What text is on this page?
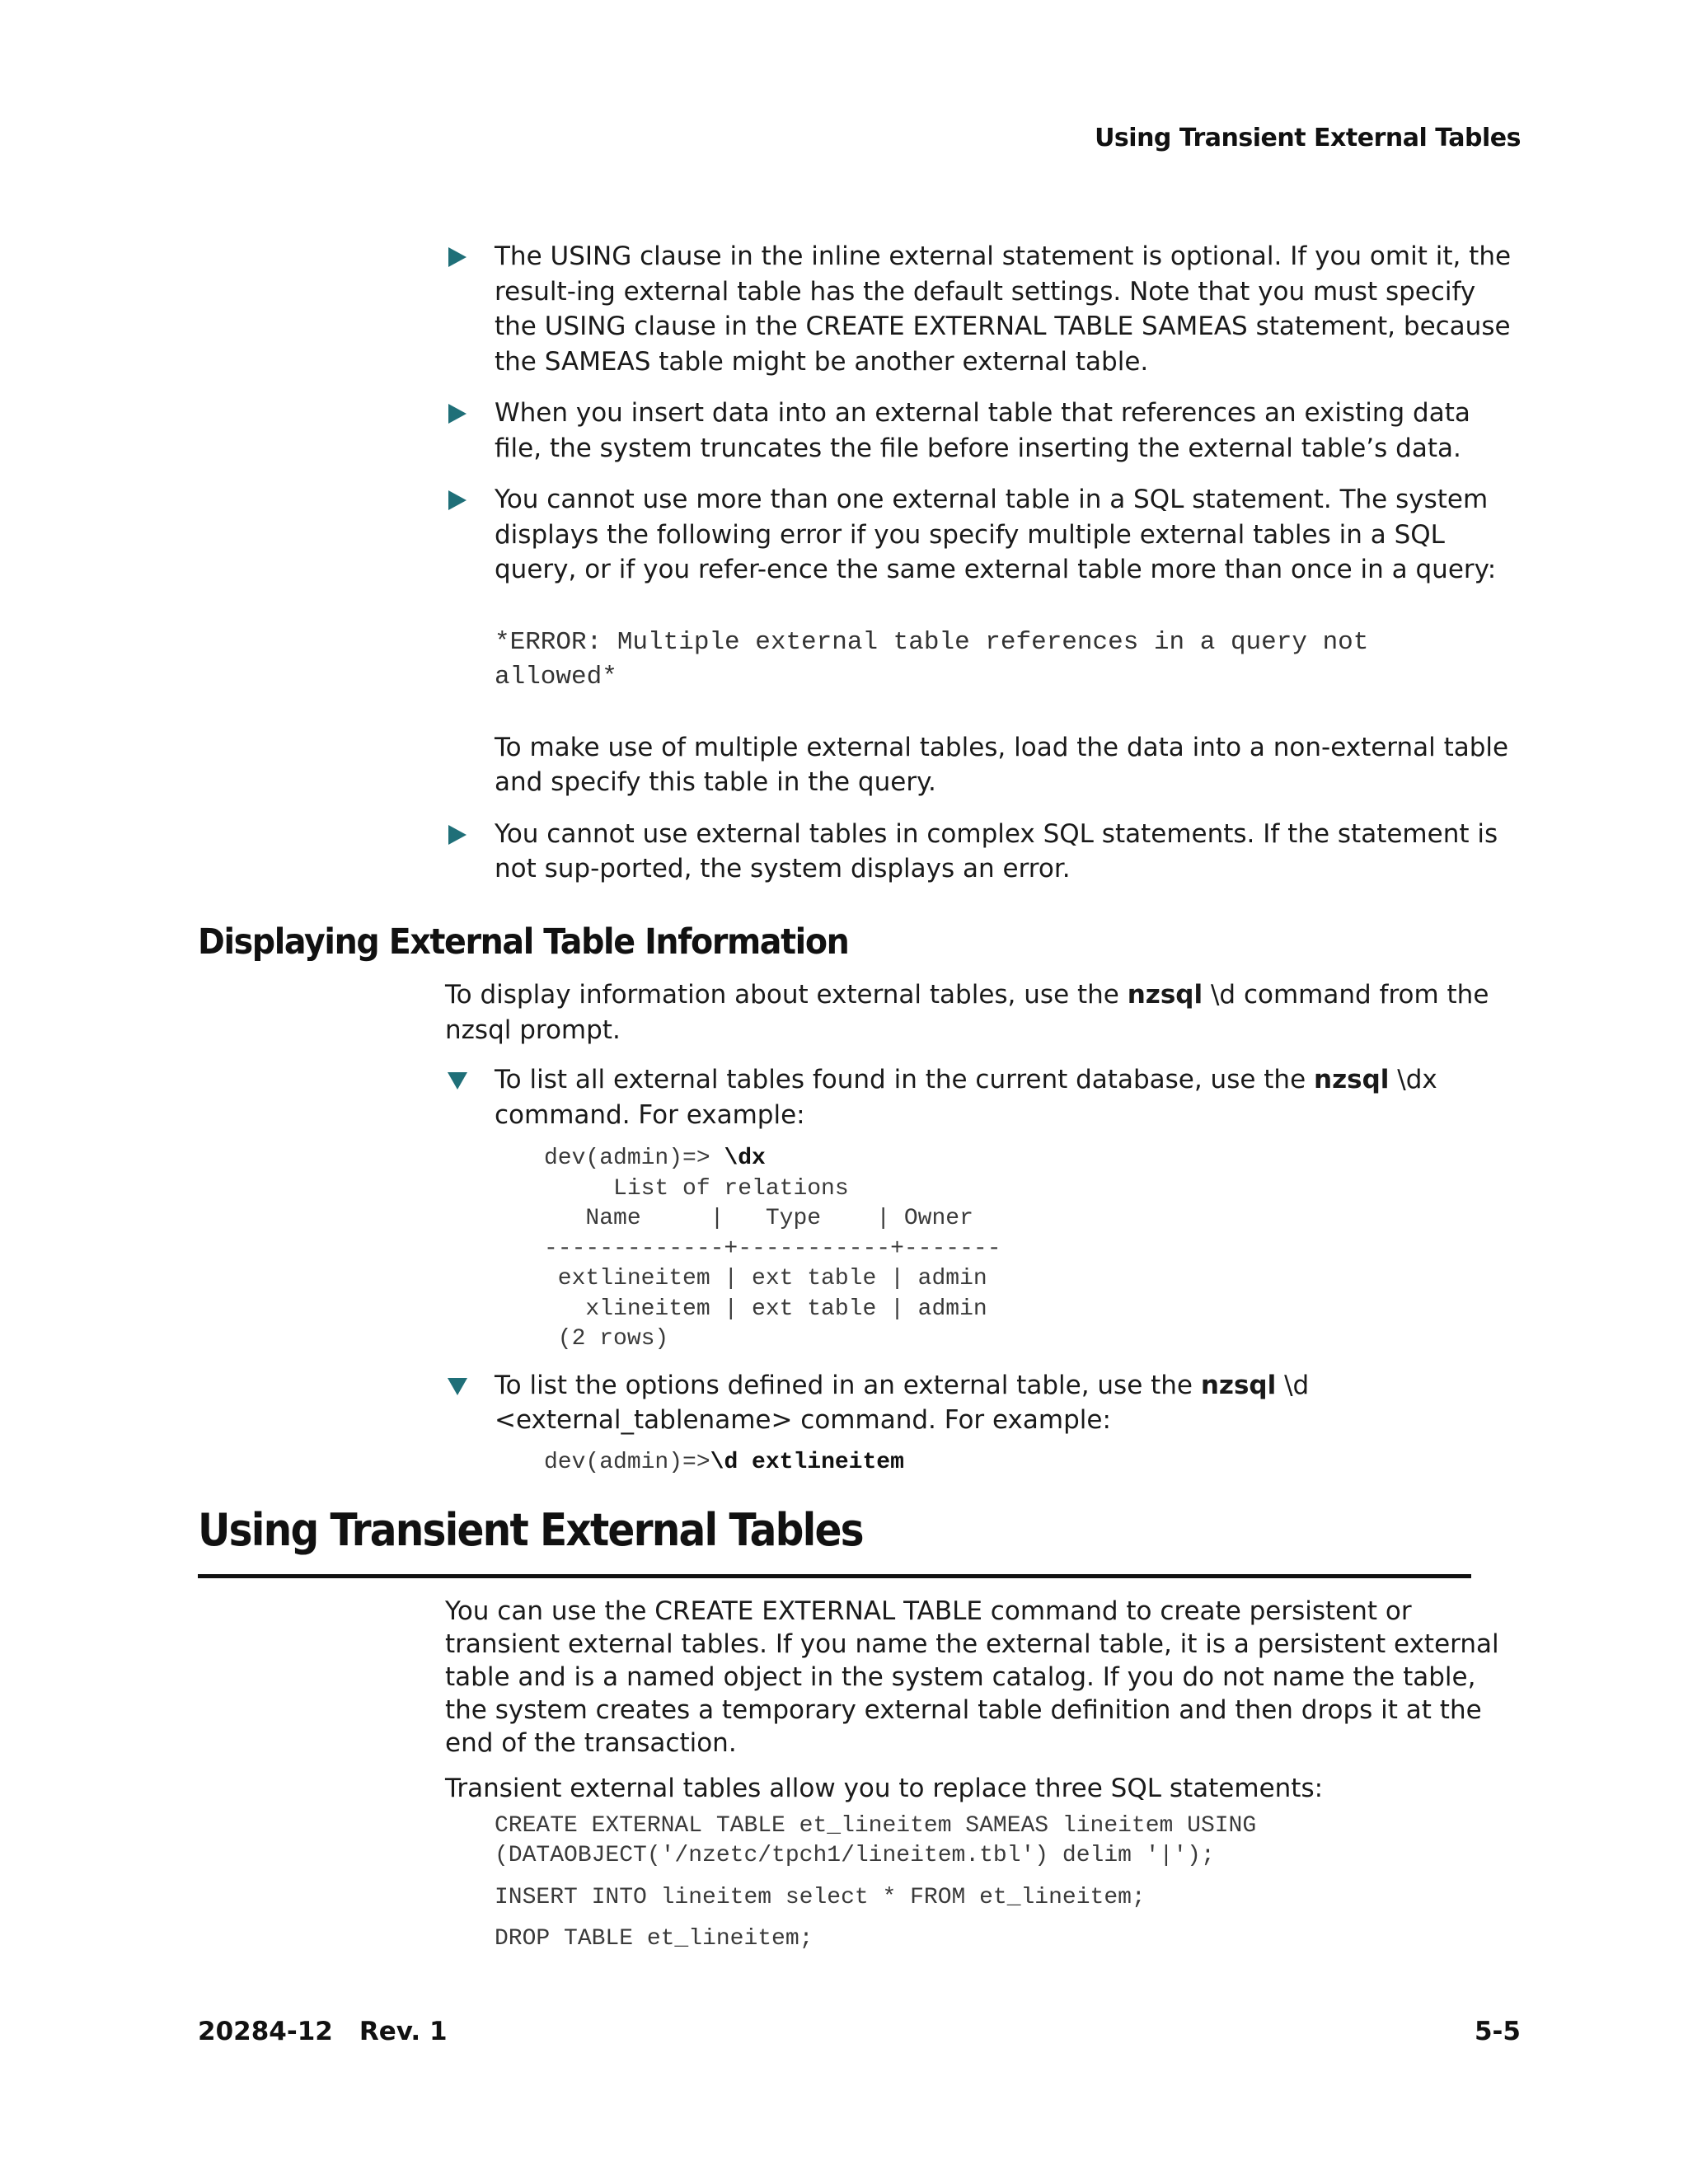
Using Transient External Tables

The USING clause in the inline external statement is optional. If you omit it, the result-ing external table has the default settings. Note that you must specify the USING clause in the CREATE EXTERNAL TABLE SAMEAS statement, because the SAMEAS table might be another external table.

When you insert data into an external table that references an existing data file, the system truncates the file before inserting the external table’s data.

You cannot use more than one external table in a SQL statement. The system displays the following error if you specify multiple external tables in a SQL query, or if you refer-ence the same external table more than once in a query:

*ERROR: Multiple external table references in a query not
allowed*

To make use of multiple external tables, load the data into a non-external table and specify this table in the query.

You cannot use external tables in complex SQL statements. If the statement is not sup-ported, the system displays an error.

Displaying External Table Information

To display information about external tables, use the nzsql \d command from the nzsql prompt.

To list all external tables found in the current database, use the nzsql \dx command. For example:

dev(admin)=> \dx

List of relations

Name     |   Type    | Owner

-------------+-----------+-------

extlineitem | ext table | admin

xlineitem | ext table | admin

(2 rows)

To list the options defined in an external table, use the nzsql \d <external_tablename> command. For example:

dev(admin)=>\d extlineitem

Using Transient External Tables

You can use the CREATE EXTERNAL TABLE command to create persistent or transient external tables. If you name the external table, it is a persistent external table and is a named object in the system catalog. If you do not name the table, the system creates a temporary external table definition and then drops it at the end of the transaction.

Transient external tables allow you to replace three SQL statements:

CREATE EXTERNAL TABLE et_lineitem SAMEAS lineitem USING

(DATAOBJECT('/nzetc/tpch1/lineitem.tbl') delim '|');

INSERT INTO lineitem select * FROM et_lineitem;

DROP TABLE et_lineitem;

20284-12 Rev. 1	5-5
